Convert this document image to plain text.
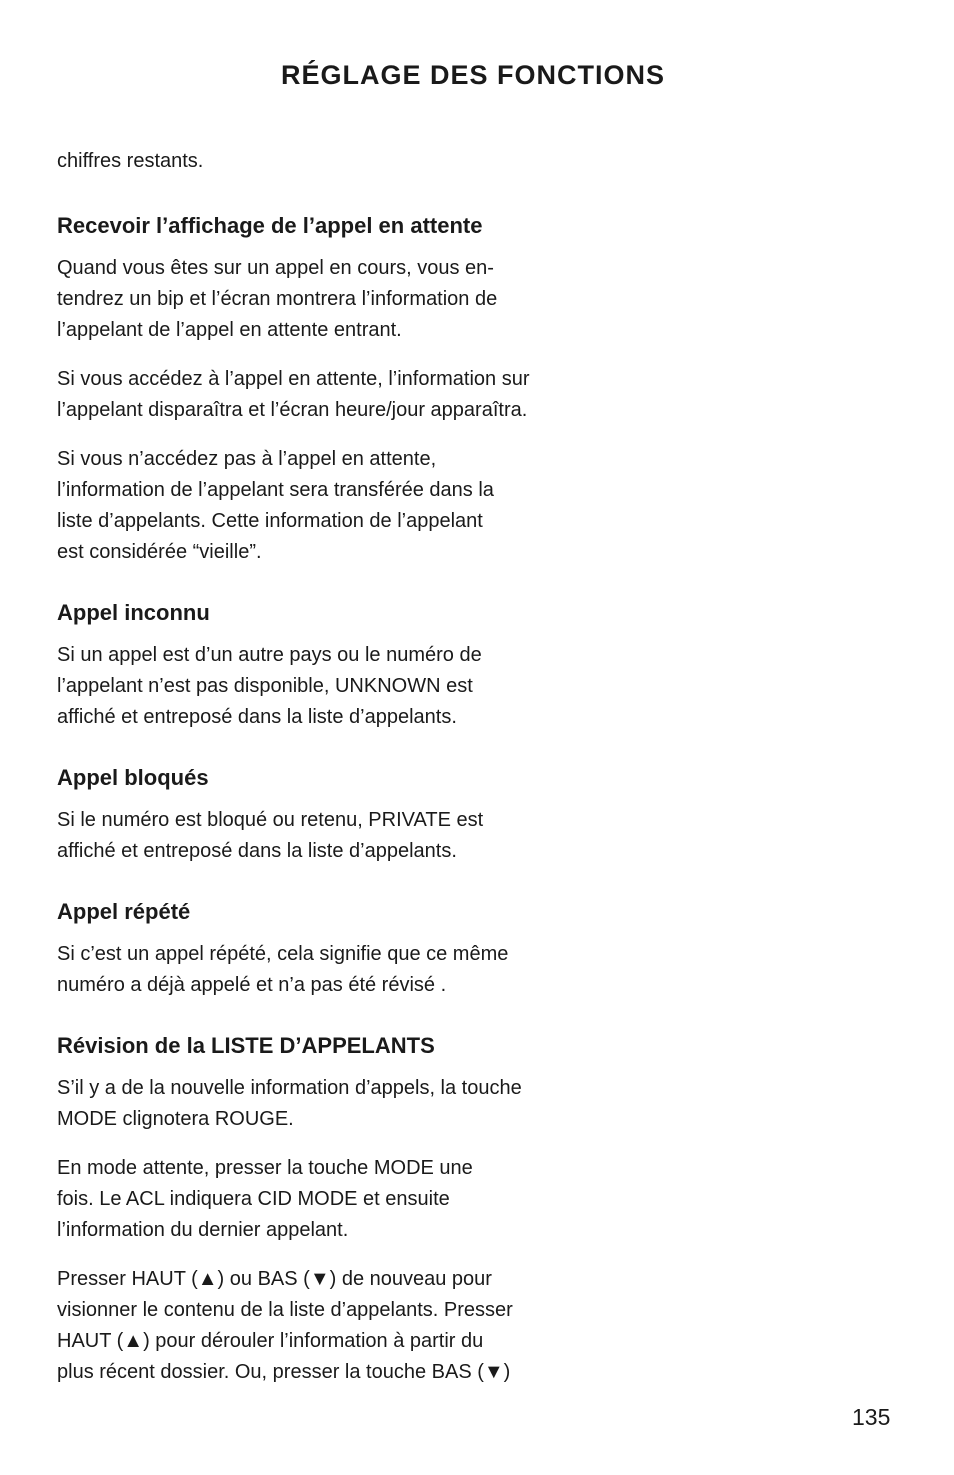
RÉGLAGE DES FONCTIONS

chiffres restants.

Recevoir l’affichage de l’appel en attente

Quand vous êtes sur un appel en cours, vous en-
tendrez un bip et l’écran montrera l’information de
l’appelant de l’appel en attente entrant.

Si vous accédez à l’appel en attente, l’information sur
l’appelant disparaîtra et l’écran heure/jour apparaîtra.

Si vous n’accédez pas à l’appel en attente,
l’information de l’appelant sera transférée dans la
liste d’appelants. Cette information de l’appelant
est considérée “vieille”.

Appel inconnu

Si un appel est d’un autre pays ou le numéro de
l’appelant n’est pas disponible, UNKNOWN est
affiché et entreposé dans la liste d’appelants.

Appel bloqués

Si le numéro est bloqué ou retenu, PRIVATE est
affiché et entreposé dans la liste d’appelants.

Appel répété

Si c’est un appel répété, cela signifie que ce même
numéro a déjà appelé et n’a pas été révisé .

Révision de la LISTE D’APPELANTS

S’il y a de la nouvelle information d’appels, la touche
MODE clignotera ROUGE.

En mode attente, presser la touche MODE une
fois. Le ACL indiquera CID MODE et ensuite
l’information du dernier appelant.

Presser HAUT (▲) ou BAS (▼) de nouveau pour
visionner le contenu de la liste d’appelants. Presser
HAUT (▲) pour dérouler l’information à partir du
plus récent dossier. Ou, presser la touche BAS (▼)

135
